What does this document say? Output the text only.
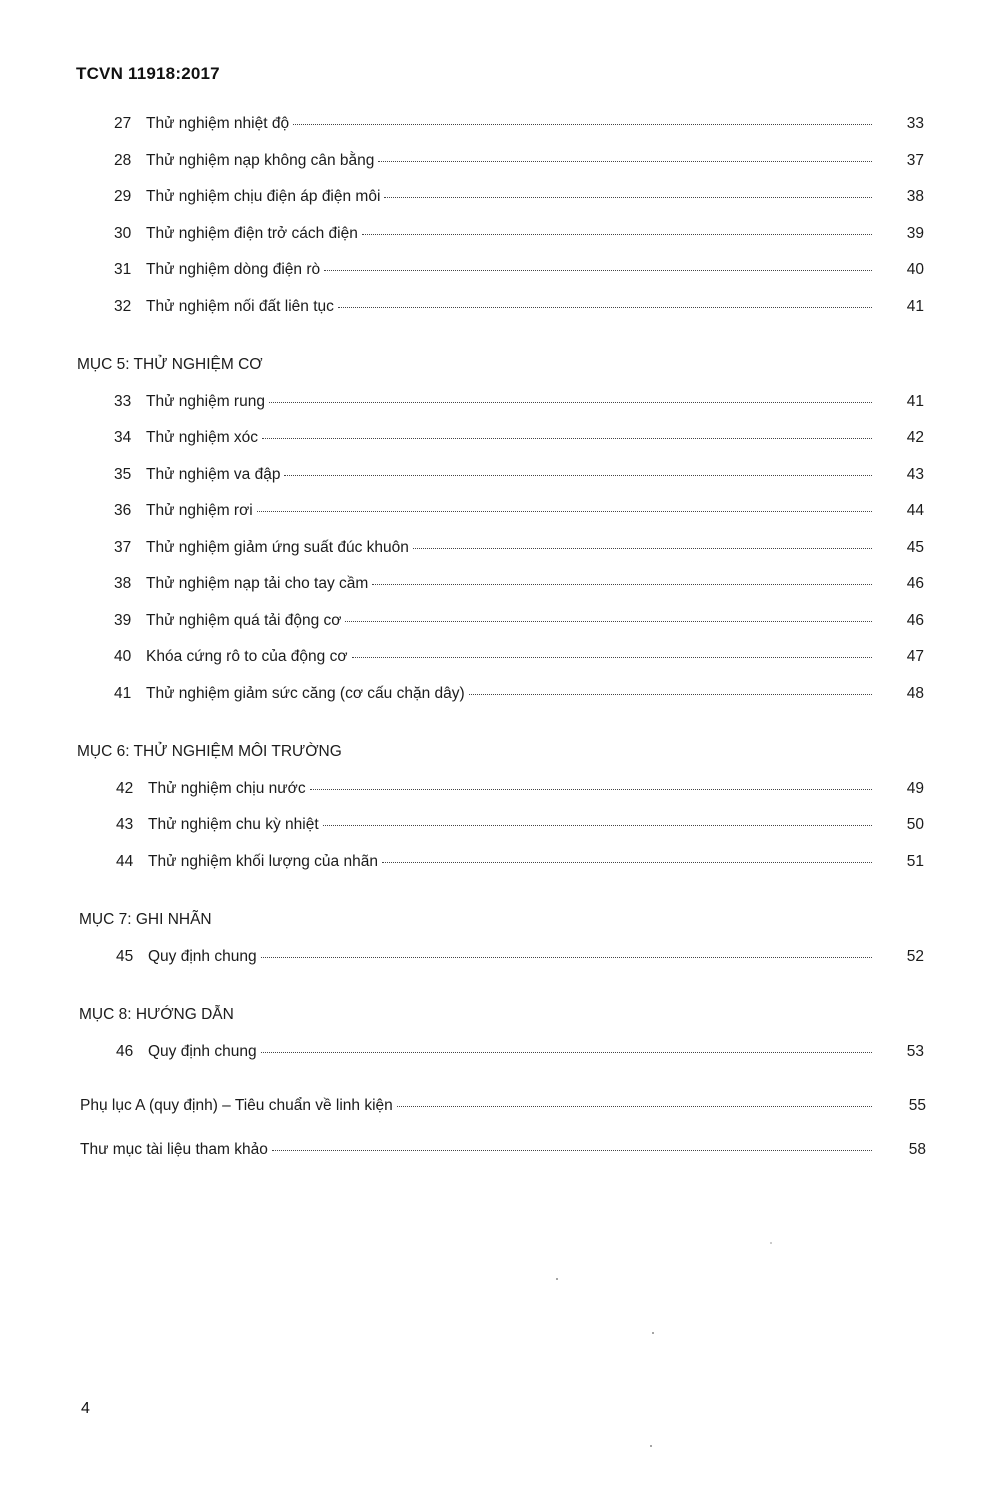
TCVN 11918:2017
27 Thử nghiệm nhiệt độ	33
28 Thử nghiệm nạp không cân bằng	37
29 Thử nghiệm chịu điện áp điện môi	38
30 Thử nghiệm điện trở cách điện	39
31 Thử nghiệm dòng điện rò	40
32 Thử nghiệm nối đất liên tục	41
MỤC 5: THỬ NGHIỆM CƠ
33 Thử nghiệm rung	41
34 Thử nghiệm xóc	42
35 Thử nghiệm va đập	43
36 Thử nghiệm rơi	44
37 Thử nghiệm giảm ứng suất đúc khuôn	45
38 Thử nghiệm nạp tải cho tay cầm	46
39 Thử nghiệm quá tải động cơ	46
40 Khóa cứng rô to của động cơ	47
41 Thử nghiệm giảm sức căng (cơ cấu chặn dây)	48
MỤC 6: THỬ NGHIỆM MÔI TRƯỜNG
42 Thử nghiệm chịu nước	49
43 Thử nghiệm chu kỳ nhiệt	50
44 Thử nghiệm khối lượng của nhãn	51
MỤC 7: GHI NHÃN
45 Quy định chung	52
MỤC 8: HƯỚNG DẪN
46 Quy định chung	53
Phụ lục A (quy định) – Tiêu chuẩn về linh kiện	55
Thư mục tài liệu tham khảo	58
4
